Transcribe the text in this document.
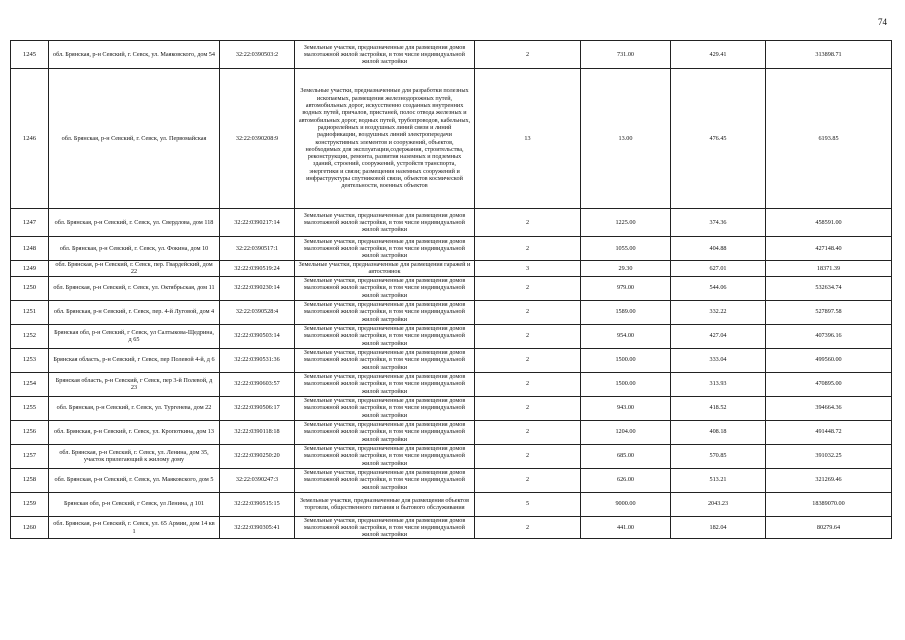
74
1245	обл. Брянская, р-н Севский, г. Севск, ул. Маяковского, дом 54	32:22:0390503:2	Земельные участки, предназначенные для размещения домов малоэтажной жилой застройки, в том числе индивидуальной жилой застройки	2	731.00	429.41	313898.71
1246	обл. Брянская, р-н Севский, г. Севск, ул. Первомайская	32:22:0390208:9	Земельные участки, предназначенные для разработки полезных ископаемых, размещения железнодорожных путей, автомобильных дорог, искусственно созданных внутренних водных путей, причалов, пристаней, полос отвода железных и автомобильных дорог, водных путей, трубопроводов, кабельных, радиорелейных и воздушных линий связи и линий радиофикации, воздушных линий электропередачи конструктивных элементов и сооружений, объектов, необходимых для эксплуатации,содержания, строительства, реконструкции, ремонта, развития наземных и подземных зданий, строений, сооружений, устройств транспорта, энергетики и связи; размещения наземных сооружений и инфраструктуры спутниковой связи, объектов космической деятельности, военных объектов	13	13.00	476.45	6193.85
1247	обл. Брянская, р-н Севский, г. Севск, ул. Свердлова, дом 118	32:22:0390217:14	Земельные участки, предназначенные для размещения домов малоэтажной жилой застройки, в том числе индивидуальной жилой застройки	2	1225.00	374.36	458591.00
1248	обл. Брянская, р-н Севский, г. Севск, ул. Фокина, дом 10	32:22:0390517:1	Земельные участки, предназначенные для размещения домов малоэтажной жилой застройки, в том числе индивидуальной жилой застройки	2	1055.00	404.88	427148.40
1249	обл. Брянская, р-н Севский, г. Севск, пер. Гвардейский, дом 22	32:22:0390519:24	Земельные участки, предназначенные для размещения гаражей и автостоянок	3	29.30	627.01	18371.39
1250	обл. Брянская, р-н Севский, г. Севск, ул. Октябрьская, дом 11	32:22:0390230:14	Земельные участки, предназначенные для размещения домов малоэтажной жилой застройки, в том числе индивидуальной жилой застройки	2	979.00	544.06	532634.74
1251	обл. Брянская, р-н Севский, г. Севск, пер. 4-й Луговой, дом 4	32:22:0390528:4	Земельные участки, предназначенные для размещения домов малоэтажной жилой застройки, в том числе индивидуальной жилой застройки	2	1589.00	332.22	527897.58
1252	Брянская обл, р-н Севский, г Севск, ул Салтыкова-Щедрина, д 65	32:22:0390503:14	Земельные участки, предназначенные для размещения домов малоэтажной жилой застройки, в том числе индивидуальной жилой застройки	2	954.00	427.04	407396.16
1253	Брянская область, р-н Севский, г Севск, пер Полевой 4-й, д 6	32:22:0390531:36	Земельные участки, предназначенные для размещения домов малоэтажной жилой застройки, в том числе индивидуальной жилой застройки	2	1500.00	333.04	499560.00
1254	Брянская область, р-н Севский, г Севск, пер 3-й Полевой, д 23	32:22:0390603:57	Земельные участки, предназначенные для размещения домов малоэтажной жилой застройки, в том числе индивидуальной жилой застройки	2	1500.00	313.93	470895.00
1255	обл. Брянская, р-н Севский, г. Севск, ул. Тургенева, дом 22	32:22:0390506:17	Земельные участки, предназначенные для размещения домов малоэтажной жилой застройки, в том числе индивидуальной жилой застройки	2	943.00	418.52	394664.36
1256	обл. Брянская, р-н Севский, г. Севск, ул. Кропоткина, дом 13	32:22:0390118:18	Земельные участки, предназначенные для размещения домов малоэтажной жилой застройки, в том числе индивидуальной жилой застройки	2	1204.00	408.18	491448.72
1257	обл. Брянская, р-н Севский, г. Севск, ул. Ленина, дом 35, участок прилегающий к жилому дому	32:22:0390250:20	Земельные участки, предназначенные для размещения домов малоэтажной жилой застройки, в том числе индивидуальной жилой застройки	2	685.00	570.85	391032.25
1258	обл. Брянская, р-н Севский, г. Севск, ул. Маяковского, дом 5	32:22:0390247:3	Земельные участки, предназначенные для размещения домов малоэтажной жилой застройки, в том числе индивидуальной жилой застройки	2	626.00	513.21	321269.46
1259	Брянская обл, р-н Севский, г Севск, ул Ленина, д 101	32:22:0390515:15	Земельные участки, предназначенные для размещения объектов торговли, общественного питания и бытового обслуживания	5	9000.00	2043.23	18389070.00
1260	обл. Брянская, р-н Севский, г. Севск, ул. 65 Армии, дом 14 кв 1	32:22:0390305:41	Земельные участки, предназначенные для размещения домов малоэтажной жилой застройки, в том числе индивидуальной жилой застройки	2	441.00	182.04	80279.64
